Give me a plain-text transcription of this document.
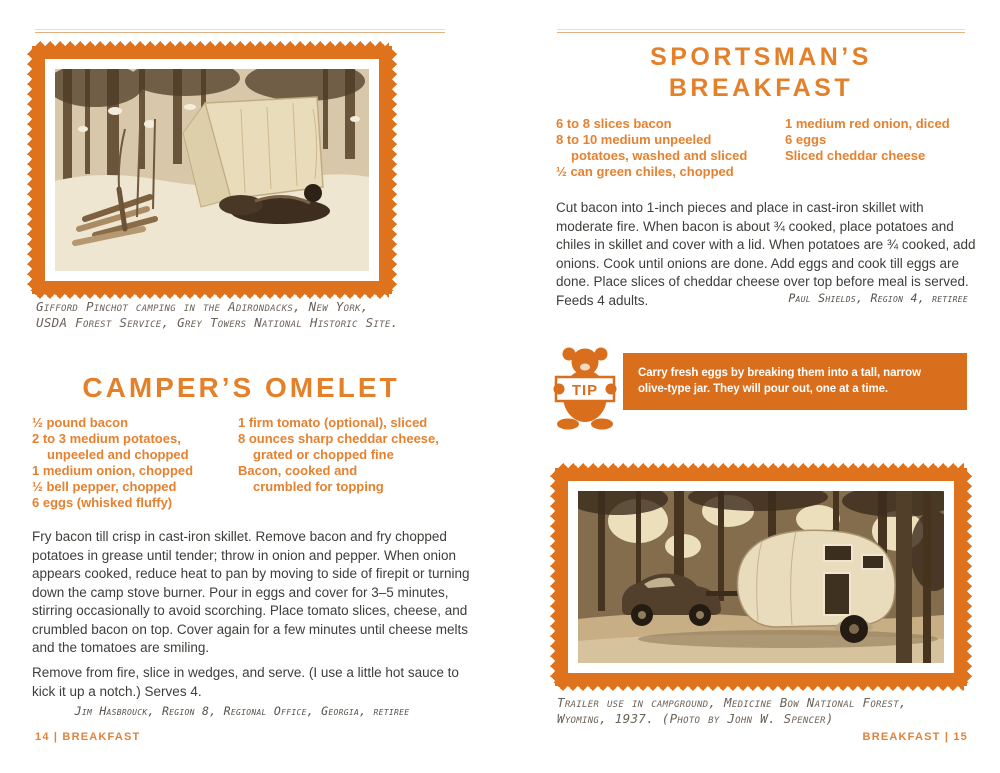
Gifford Pinchot camping in the Adirondacks, New York,
USDA Forest Service, Grey Towers National Historic Site.
CAMPER’S OMELET
½ pound bacon
2 to 3 medium potatoes,
unpeeled and chopped
1 medium onion, chopped
½ bell pepper, chopped
6 eggs (whisked fluffy)
1 firm tomato (optional), sliced
8 ounces sharp cheddar cheese,
grated or chopped fine
Bacon, cooked and
crumbled for topping

Fry bacon till crisp in cast-iron skillet. Remove bacon and fry chopped potatoes in grease until tender; throw in onion and pepper. When onion appears cooked, reduce heat to pan by moving to side of firepit or turning down the camp stove burner. Pour in eggs and cover for 3–5 minutes, stirring occasionally to avoid scorching. Place tomato slices, cheese, and crumbled bacon on top. Cover again for a few minutes until cheese melts and the tomatoes are smiling.

Remove from fire, slice in wedges, and serve. (I use a little hot sauce to kick it up a notch.) Serves 4.

Jim Hasbrouck, Region 8, Regional Office, Georgia, retiree
14 | BREAKFAST
SPORTSMAN’S
BREAKFAST
6 to 8 slices bacon
8 to 10 medium unpeeled
potatoes, washed and sliced
½ can green chiles, chopped
1 medium red onion, diced
6 eggs
Sliced cheddar cheese

Cut bacon into 1-inch pieces and place in cast-iron skillet with moderate fire. When bacon is about ¾ cooked, place potatoes and chiles in skillet and cover with a lid. When potatoes are ¾ cooked, add onions. Cook until onions are done. Add eggs and cook till eggs are done. Place slices of cheddar cheese over top before meal is served. Feeds 4 adults.	Paul Shields, Region 4, retiree
TIP
Carry fresh eggs by breaking them into a tall, narrow
olive-type jar. They will pour out, one at a time.
Trailer use in campground, Medicine Bow National Forest,
Wyoming, 1937. (Photo by John W. Spencer)
BREAKFAST | 15
